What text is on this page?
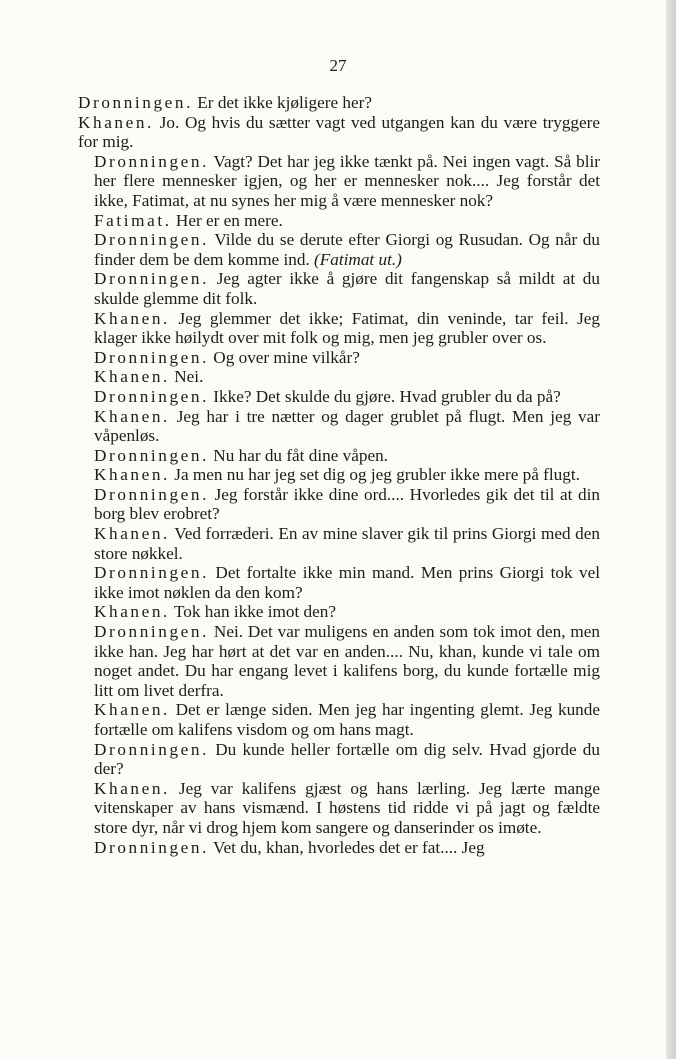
27

Dronningen. Er det ikke kjøligere her?

Khanen. Jo. Og hvis du sætter vagt ved utgangen kan du være tryggere for mig.

Dronningen. Vagt? Det har jeg ikke tænkt på. Nei ingen vagt. Så blir her flere mennesker igjen, og her er mennesker nok.... Jeg forstår det ikke, Fatimat, at nu synes her mig å være mennesker nok?

Fatimat. Her er en mere.

Dronningen. Vilde du se derute efter Giorgi og Rusudan. Og når du finder dem be dem komme ind. (Fatimat ut.)

Dronningen. Jeg agter ikke å gjøre dit fangenskap så mildt at du skulde glemme dit folk.

Khanen. Jeg glemmer det ikke; Fatimat, din veninde, tar feil. Jeg klager ikke høilydt over mit folk og mig, men jeg grubler over os.

Dronningen. Og over mine vilkår?

Khanen. Nei.

Dronningen. Ikke? Det skulde du gjøre. Hvad grubler du da på?

Khanen. Jeg har i tre nætter og dager grublet på flugt. Men jeg var våpenløs.

Dronningen. Nu har du fåt dine våpen.

Khanen. Ja men nu har jeg set dig og jeg grubler ikke mere på flugt.

Dronningen. Jeg forstår ikke dine ord.... Hvorledes gik det til at din borg blev erobret?

Khanen. Ved forræderi. En av mine slaver gik til prins Giorgi med den store nøkkel.

Dronningen. Det fortalte ikke min mand. Men prins Giorgi tok vel ikke imot nøklen da den kom?

Khanen. Tok han ikke imot den?

Dronningen. Nei. Det var muligens en anden som tok imot den, men ikke han. Jeg har hørt at det var en anden.... Nu, khan, kunde vi tale om noget andet. Du har engang levet i kalifens borg, du kunde fortælle mig litt om livet derfra.

Khanen. Det er længe siden. Men jeg har ingenting glemt. Jeg kunde fortælle om kalifens visdom og om hans magt.

Dronningen. Du kunde heller fortælle om dig selv. Hvad gjorde du der?

Khanen. Jeg var kalifens gjæst og hans lærling. Jeg lærte mange vitenskaper av hans vismænd. I høstens tid ridde vi på jagt og fældte store dyr, når vi drog hjem kom sangere og danserinder os imøte.

Dronningen. Vet du, khan, hvorledes det er fat.... Jeg
